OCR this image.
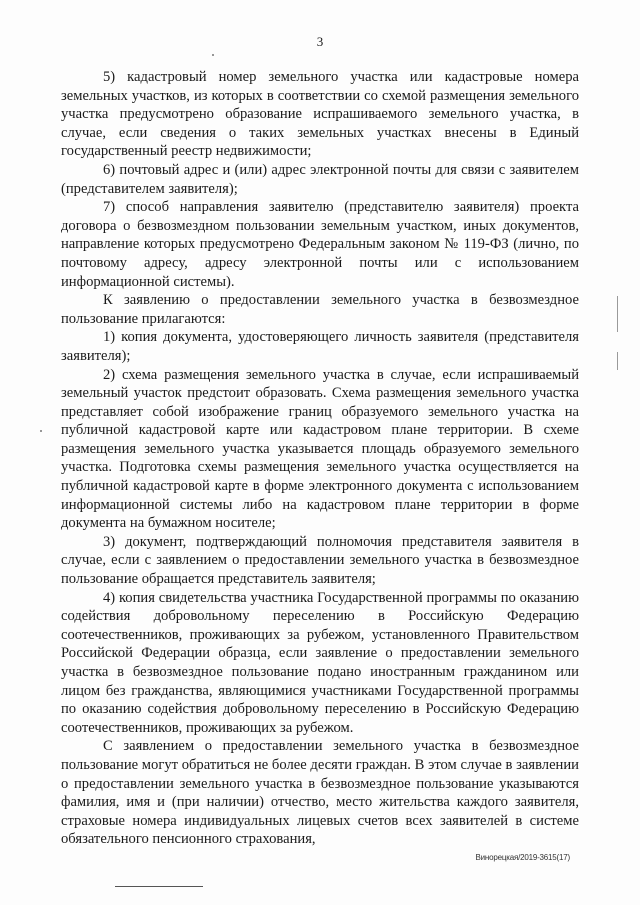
3

5) кадастровый номер земельного участка или кадастровые номера земельных участков, из которых в соответствии со схемой размещения земельного участка предусмотрено образование испрашиваемого земельного участка, в случае, если сведения о таких земельных участках внесены в Единый государственный реестр недвижимости;

6) почтовый адрес и (или) адрес электронной почты для связи с заявителем (представителем заявителя);

7) способ направления заявителю (представителю заявителя) проекта договора о безвозмездном пользовании земельным участком, иных документов, направление которых предусмотрено Федеральным законом № 119-ФЗ (лично, по почтовому адресу, адресу электронной почты или с использованием информационной системы).

К заявлению о предоставлении земельного участка в безвозмездное пользование прилагаются:

1) копия документа, удостоверяющего личность заявителя (представителя заявителя);

2) схема размещения земельного участка в случае, если испрашиваемый земельный участок предстоит образовать. Схема размещения земельного участка представляет собой изображение границ образуемого земельного участка на публичной кадастровой карте или кадастровом плане территории. В схеме размещения земельного участка указывается площадь образуемого земельного участка. Подготовка схемы размещения земельного участка осуществляется на публичной кадастровой карте в форме электронного документа с использованием информационной системы либо на кадастровом плане территории в форме документа на бумажном носителе;

3) документ, подтверждающий полномочия представителя заявителя в случае, если с заявлением о предоставлении земельного участка в безвозмездное пользование обращается представитель заявителя;

4) копия свидетельства участника Государственной программы по оказанию содействия добровольному переселению в Российскую Федерацию соотечественников, проживающих за рубежом, установленного Правительством Российской Федерации образца, если заявление о предоставлении земельного участка в безвозмездное пользование подано иностранным гражданином или лицом без гражданства, являющимися участниками Государственной программы по оказанию содействия добровольному переселению в Российскую Федерацию соотечественников, проживающих за рубежом.

С заявлением о предоставлении земельного участка в безвозмездное пользование могут обратиться не более десяти граждан. В этом случае в заявлении о предоставлении земельного участка в безвозмездное пользование указываются фамилия, имя и (при наличии) отчество, место жительства каждого заявителя, страховые номера индивидуальных лицевых счетов всех заявителей в системе обязательного пенсионного страхования,

Винорецкая/2019-3615(17)
